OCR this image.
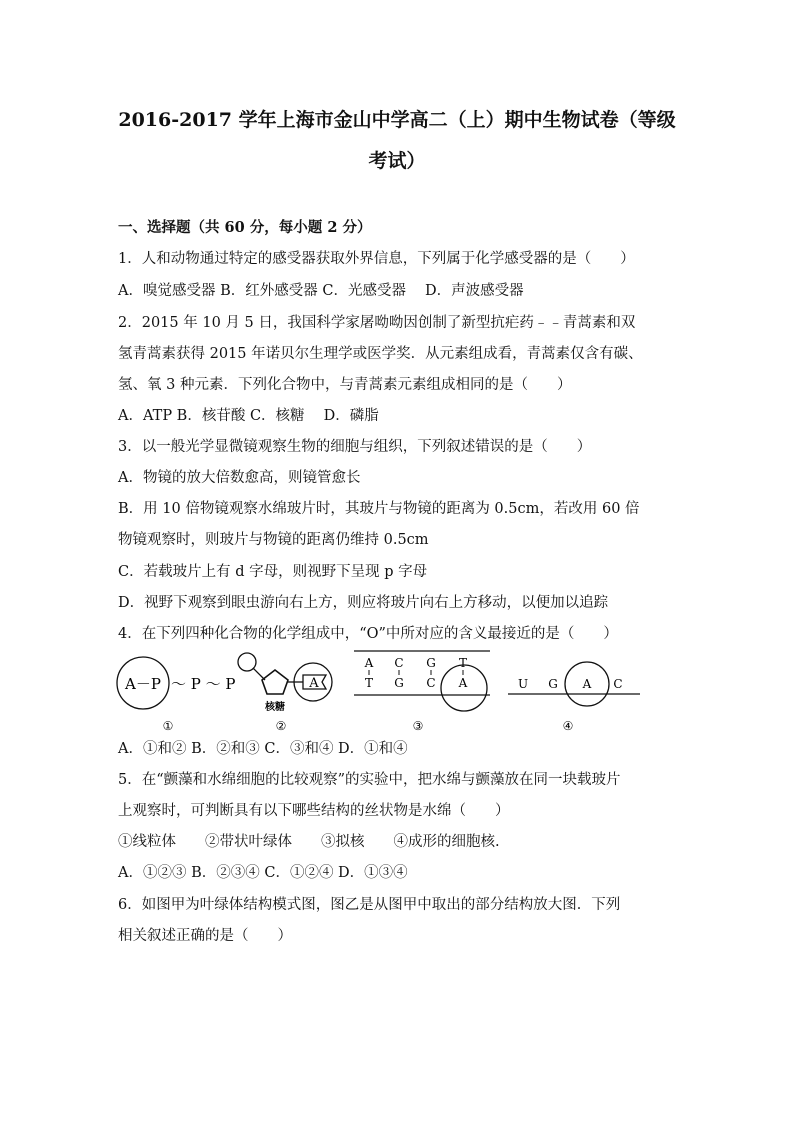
2016-2017 学年上海市金山中学高二（上）期中生物试卷（等级
考试）
一、选择题（共 60 分，每小题 2 分）
1．人和动物通过特定的感受器获取外界信息，下列属于化学感受器的是（　　）
A．嗅觉感受器 B．红外感受器 C．光感受器　 D．声波感受器
2．2015 年 10 月 5 日，我国科学家屠呦呦因创制了新型抗疟药﹣﹣青蒿素和双
氢青蒿素获得 2015 年诺贝尔生理学或医学奖．从元素组成看，青蒿素仅含有碳、
氢、氧 3 种元素．下列化合物中，与青蒿素元素组成相同的是（　　）
A．ATP B．核苷酸 C．核糖　 D．磷脂
3．以一般光学显微镜观察生物的细胞与组织，下列叙述错误的是（　　）
A．物镜的放大倍数愈高，则镜管愈长
B．用 10 倍物镜观察水绵玻片时，其玻片与物镜的距离为 0.5cm，若改用 60 倍
物镜观察时，则玻片与物镜的距离仍维持 0.5cm
C．若载玻片上有 d 字母，则视野下呈现 p 字母
D．视野下观察到眼虫游向右上方，则应将玻片向右上方移动，以便加以追踪
4．在下列四种化合物的化学组成中，“O”中所对应的含义最接近的是（　　）
A－P ～ P ～ P
①
A
核糖
②
A C G T
T G C A
③
U G A C
④
A．①和② B．②和③ C．③和④ D．①和④
5．在“颤藻和水绵细胞的比较观察”的实验中，把水绵与颤藻放在同一块载玻片
上观察时，可判断具有以下哪些结构的丝状物是水绵（　　）
①线粒体　　②带状叶绿体　　③拟核　　④成形的细胞核.
A．①②③ B．②③④ C．①②④ D．①③④
6．如图甲为叶绿体结构模式图，图乙是从图甲中取出的部分结构放大图．下列
相关叙述正确的是（　　）
